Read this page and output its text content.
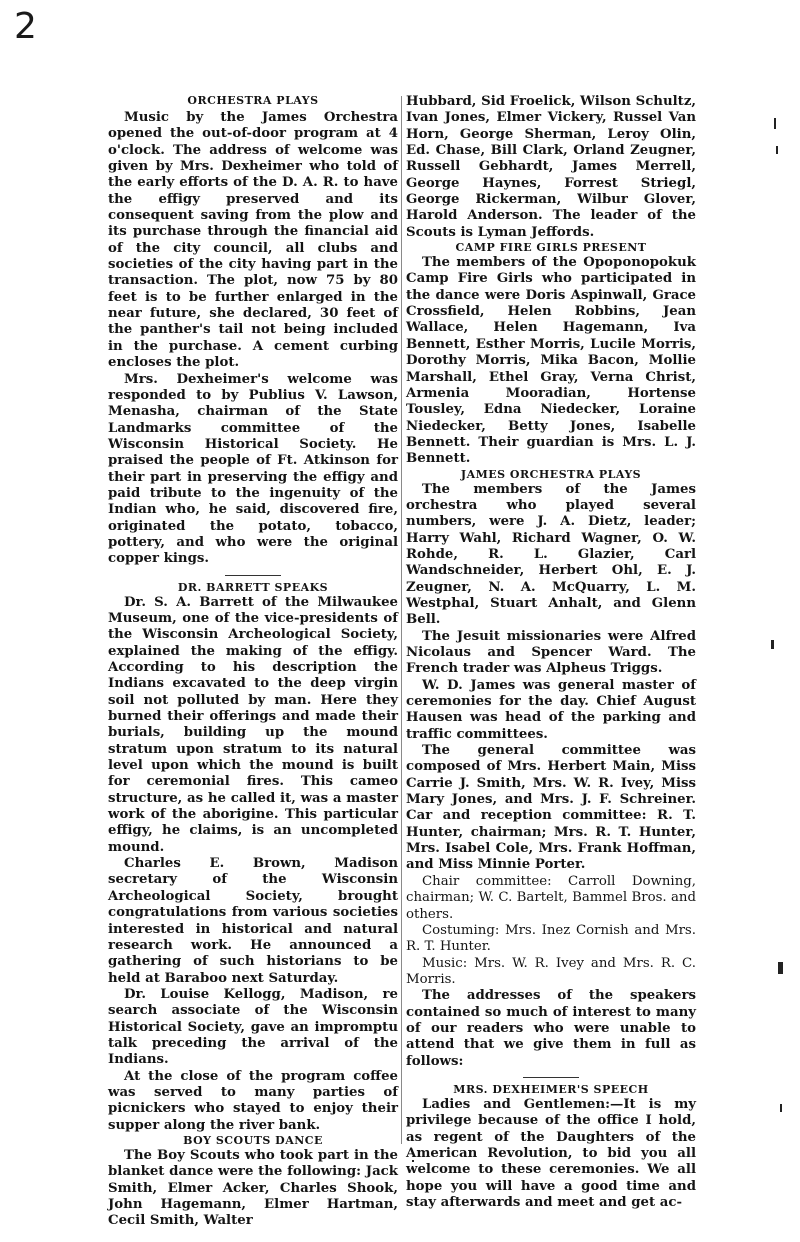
2
ORCHESTRA PLAYS

Music by the James Orchestra opened the out-of-door program at 4 o'clock. The address of welcome was given by Mrs. Dexheimer who told of the early efforts of the D. A. R. to have the effigy preserved and its consequent saving from the plow and its purchase through the financial aid of the city council, all clubs and societies of the city having part in the transaction. The plot, now 75 by 80 feet is to be further enlarged in the near future, she declared, 30 feet of the panther's tail not being included in the purchase. A cement curbing encloses the plot.

Mrs. Dexheimer's welcome was responded to by Publius V. Lawson, Menasha, chairman of the State Landmarks committee of the Wisconsin Historical Society. He praised the people of Ft. Atkinson for their part in preserving the effigy and paid tribute to the ingenuity of the Indian who, he said, discovered fire, originated the potato, tobacco, pottery, and who were the original copper kings.

DR. BARRETT SPEAKS

Dr. S. A. Barrett of the Milwaukee Museum, one of the vice-presidents of the Wisconsin Archeological Society, explained the making of the effigy. According to his description the Indians excavated to the deep virgin soil not polluted by man. Here they burned their offerings and made their burials, building up the mound stratum upon stratum to its natural level upon which the mound is built for ceremonial fires. This cameo structure, as he called it, was a master work of the aborigine. This particular effigy, he claims, is an uncompleted mound.

Charles E. Brown, Madison secretary of the Wisconsin Archeological Society, brought congratulations from various societies interested in historical and natural research work. He announced a gathering of such historians to be held at Baraboo next Saturday.

Dr. Louise Kellogg, Madison, re search associate of the Wisconsin Historical Society, gave an impromptu talk preceding the arrival of the Indians.

At the close of the program coffee was served to many parties of picnickers who stayed to enjoy their supper along the river bank.

BOY SCOUTS DANCE

The Boy Scouts who took part in the blanket dance were the following: Jack Smith, Elmer Acker, Charles Shook, John Hagemann, Elmer Hartman, Cecil Smith, Walter

Hubbard, Sid Froelick, Wilson Schultz, Ivan Jones, Elmer Vickery, Russel Van Horn, George Sherman, Leroy Olin, Ed. Chase, Bill Clark, Orland Zeugner, Russell Gebhardt, James Merrell, George Haynes, Forrest Striegl, George Rickerman, Wilbur Glover, Harold Anderson. The leader of the Scouts is Lyman Jeffords.

CAMP FIRE GIRLS PRESENT

The members of the Opoponopokuk Camp Fire Girls who participated in the dance were Doris Aspinwall, Grace Crossfield, Helen Robbins, Jean Wallace, Helen Hagemann, Iva Bennett, Esther Morris, Lucile Morris, Dorothy Morris, Mika Bacon, Mollie Marshall, Ethel Gray, Verna Christ, Armenia Mooradian, Hortense Tousley, Edna Niedecker, Loraine Niedecker, Betty Jones, Isabelle Bennett. Their guardian is Mrs. L. J. Bennett.

JAMES ORCHESTRA PLAYS

The members of the James orchestra who played several numbers, were J. A. Dietz, leader; Harry Wahl, Richard Wagner, O. W. Rohde, R. L. Glazier, Carl Wandschneider, Herbert Ohl, E. J. Zeugner, N. A. McQuarry, L. M. Westphal, Stuart Anhalt, and Glenn Bell.

The Jesuit missionaries were Alfred Nicolaus and Spencer Ward. The French trader was Alpheus Triggs.

W. D. James was general master of ceremonies for the day. Chief August Hausen was head of the parking and traffic committees.

The general committee was composed of Mrs. Herbert Main, Miss Carrie J. Smith, Mrs. W. R. Ivey, Miss Mary Jones, and Mrs. J. F. Schreiner. Car and reception committee: R. T. Hunter, chairman; Mrs. R. T. Hunter, Mrs. Isabel Cole, Mrs. Frank Hoffman, and Miss Minnie Porter.

Chair committee: Carroll Downing, chairman; W. C. Bartelt, Bammel Bros. and others.

Costuming: Mrs. Inez Cornish and Mrs. R. T. Hunter.

Music: Mrs. W. R. Ivey and Mrs. R. C. Morris.

The addresses of the speakers contained so much of interest to many of our readers who were unable to attend that we give them in full as follows:

MRS. DEXHEIMER'S SPEECH

Ladies and Gentlemen:—It is my privilege because of the office I hold, as regent of the Daughters of the American Revolution, to bid you all welcome to these ceremonies. We all hope you will have a good time and stay afterwards and meet and get ac-
